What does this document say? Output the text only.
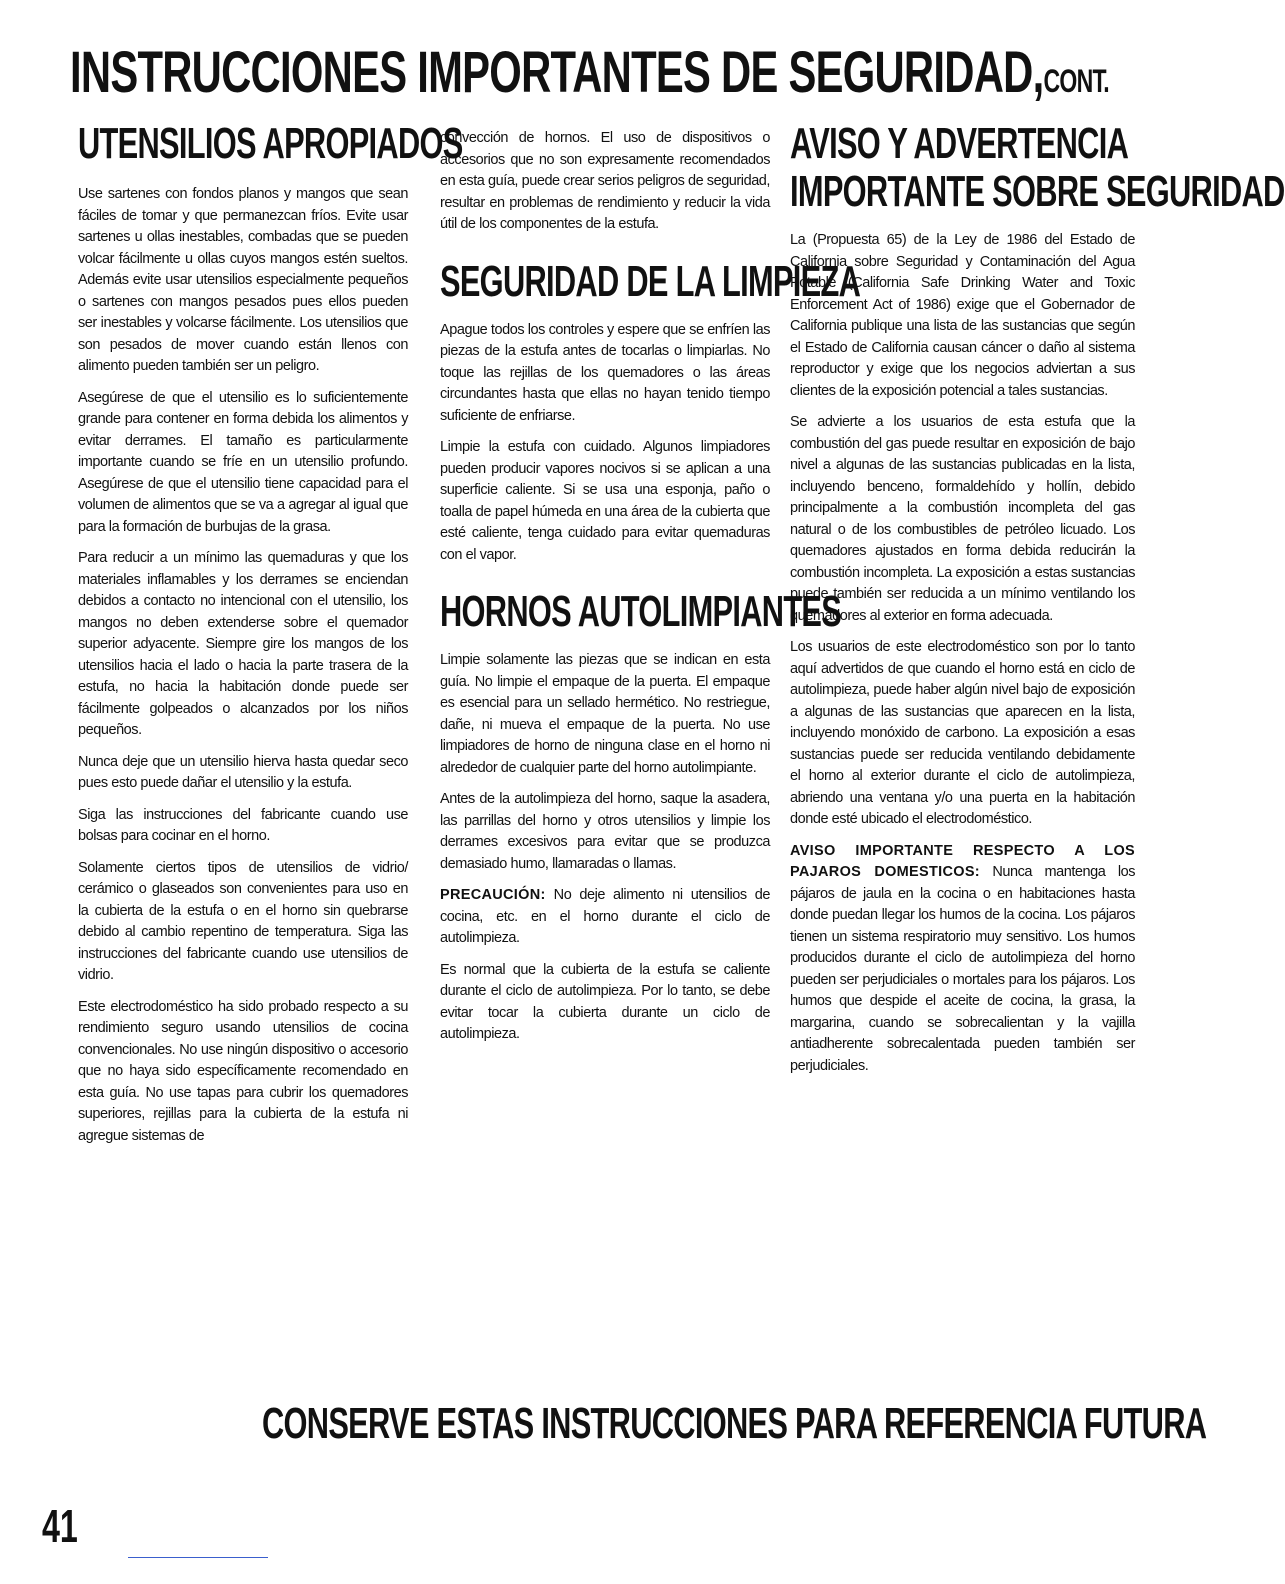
INSTRUCCIONES IMPORTANTES DE SEGURIDAD,CONT.
UTENSILIOS APROPIADOS

Use sartenes con fondos planos y mangos que sean fáciles de tomar y que permanezcan fríos. Evite usar sartenes u ollas inestables, combadas que se pueden volcar fácilmente u ollas cuyos mangos estén sueltos. Además evite usar utensilios especialmente pequeños o sartenes con mangos pesados pues ellos pueden ser inestables y volcarse fácilmente. Los utensilios que son pesados de mover cuando están llenos con alimento pueden también ser un peligro.

Asegúrese de que el utensilio es lo suficientemente grande para contener en forma debida los alimentos y evitar derrames. El tamaño es particularmente importante cuando se fríe en un utensilio profundo. Asegúrese de que el utensilio tiene capacidad para el volumen de alimentos que se va a agregar al igual que para la formación de burbujas de la grasa.

Para reducir a un mínimo las quemaduras y que los materiales inflamables y los derrames se enciendan debidos a contacto no intencional con el utensilio, los mangos no deben extenderse sobre el quemador superior adyacente. Siempre gire los mangos de los utensilios hacia el lado o hacia la parte trasera de la estufa, no hacia la habitación donde puede ser fácilmente golpeados o alcanzados por los niños pequeños.

Nunca deje que un utensilio hierva hasta quedar seco pues esto puede dañar el utensilio y la estufa.

Siga las instrucciones del fabricante cuando use bolsas para cocinar en el horno.

Solamente ciertos tipos de utensilios de vidrio/ cerámico o glaseados son convenientes para uso en la cubierta de la estufa o en el horno sin quebrarse debido al cambio repentino de temperatura. Siga las instrucciones del fabricante cuando use utensilios de vidrio.

Este electrodoméstico ha sido probado respecto a su rendimiento seguro usando utensilios de cocina convencionales. No use ningún dispositivo o accesorio que no haya sido específicamente recomendado en esta guía. No use tapas para cubrir los quemadores superiores, rejillas para la cubierta de la estufa ni agregue sistemas de

convección de hornos. El uso de dispositivos o accesorios que no son expresamente recomendados en esta guía, puede crear serios peligros de seguridad, resultar en problemas de rendimiento y reducir la vida útil de los componentes de la estufa.

SEGURIDAD DE LA LIMPIEZA

Apague todos los controles y espere que se enfríen las piezas de la estufa antes de tocarlas o limpiarlas. No toque las rejillas de los quemadores o las áreas circundantes hasta que ellas no hayan tenido tiempo suficiente de enfriarse.

Limpie la estufa con cuidado. Algunos limpiadores pueden producir vapores nocivos si se aplican a una superficie caliente. Si se usa una esponja, paño o toalla de papel húmeda en una área de la cubierta que esté caliente, tenga cuidado para evitar quemaduras con el vapor.

HORNOS AUTOLIMPIANTES

Limpie solamente las piezas que se indican en esta guía. No limpie el empaque de la puerta. El empaque es esencial para un sellado hermético. No restriegue, dañe, ni mueva el empaque de la puerta. No use limpiadores de horno de ninguna clase en el horno ni alrededor de cualquier parte del horno autolimpiante.

Antes de la autolimpieza del horno, saque la asadera, las parrillas del horno y otros utensilios y limpie los derrames excesivos para evitar que se produzca demasiado humo, llamaradas o llamas.

PRECAUCIÓN: No deje alimento ni utensilios de cocina, etc. en el horno durante el ciclo de autolimpieza.

Es normal que la cubierta de la estufa se caliente durante el ciclo de autolimpieza. Por lo tanto, se debe evitar tocar la cubierta durante un ciclo de autolimpieza.

AVISO Y ADVERTENCIA
IMPORTANTE SOBRE SEGURIDAD

La (Propuesta 65) de la Ley de 1986 del Estado de California sobre Seguridad y Contaminación del Agua Potable (California Safe Drinking Water and Toxic Enforcement Act of 1986) exige que el Gobernador de California publique una lista de las sustancias que según el Estado de California causan cáncer o daño al sistema reproductor y exige que los negocios adviertan a sus clientes de la exposición potencial a tales sustancias.

Se advierte a los usuarios de esta estufa que la combustión del gas puede resultar en exposición de bajo nivel a algunas de las sustancias publicadas en la lista, incluyendo benceno, formaldehído y hollín, debido principalmente a la combustión incompleta del gas natural o de los combustibles de petróleo licuado. Los quemadores ajustados en forma debida reducirán la combustión incompleta. La exposición a estas sustancias puede también ser reducida a un mínimo ventilando los quemadores al exterior en forma adecuada.

Los usuarios de este electrodoméstico son por lo tanto aquí advertidos de que cuando el horno está en ciclo de autolimpieza, puede haber algún nivel bajo de exposición a algunas de las sustancias que aparecen en la lista, incluyendo monóxido de carbono. La exposición a esas sustancias puede ser reducida ventilando debidamente el horno al exterior durante el ciclo de autolimpieza, abriendo una ventana y/o una puerta en la habitación donde esté ubicado el electrodoméstico.

AVISO IMPORTANTE RESPECTO A LOS PAJAROS DOMESTICOS: Nunca mantenga los pájaros de jaula en la cocina o en habitaciones hasta donde puedan llegar los humos de la cocina. Los pájaros tienen un sistema respiratorio muy sensitivo. Los humos producidos durante el ciclo de autolimpieza del horno pueden ser perjudiciales o mortales para los pájaros. Los humos que despide el aceite de cocina, la grasa, la margarina, cuando se sobrecalientan y la vajilla antiadherente sobrecalentada pueden también ser perjudiciales.

CONSERVE ESTAS INSTRUCCIONES PARA REFERENCIA FUTURA
41
